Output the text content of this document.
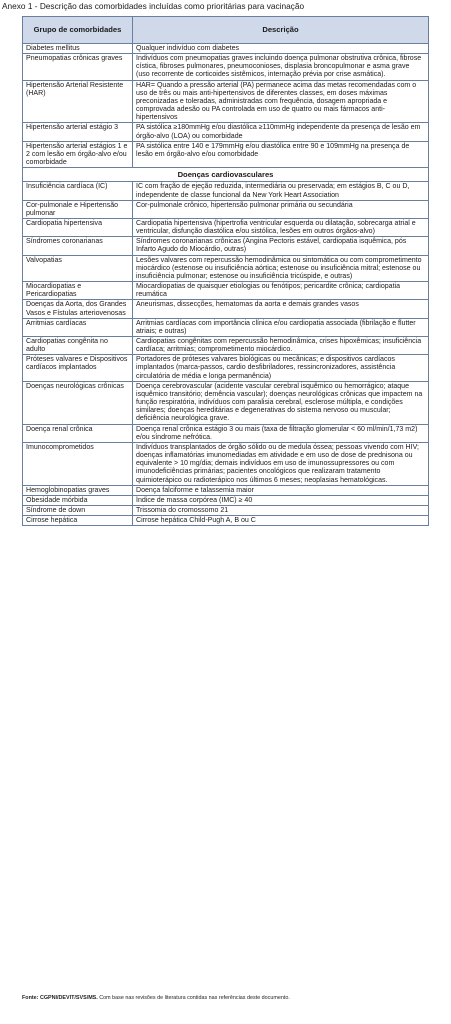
Anexo 1 - Descrição das comorbidades incluídas como prioritárias para vacinação
Grupo de comorbidades	Descrição
Diabetes mellitus	Qualquer indivíduo com diabetes
Pneumopatias crônicas graves	Indivíduos com pneumopatias graves incluindo doença pulmonar obstrutiva crônica, fibrose cística, fibroses pulmonares, pneumoconioses, displasia broncopulmonar e asma grave (uso recorrente de corticoides sistêmicos, internação prévia por crise asmática).
Hipertensão Arterial Resistente (HAR)	HAR= Quando a pressão arterial (PA) permanece acima das metas recomendadas com o uso de três ou mais anti-hipertensivos de diferentes classes, em doses máximas preconizadas e toleradas, administradas com frequência, dosagem apropriada e comprovada adesão ou PA controlada em uso de quatro ou mais fármacos anti-hipertensivos
Hipertensão arterial estágio 3	PA sistólica ≥180mmHg e/ou diastólica ≥110mmHg independente da presença de lesão em órgão-alvo (LOA) ou comorbidade
Hipertensão arterial estágios 1 e 2 com lesão em órgão-alvo e/ou comorbidade	PA sistólica entre 140 e 179mmHg e/ou diastólica entre 90 e 109mmHg na presença de lesão em órgão-alvo e/ou comorbidade
Doenças cardiovasculares	
Insuficiência cardíaca (IC)	IC com fração de ejeção reduzida, intermediária ou preservada; em estágios B, C ou D, independente de classe funcional da New York Heart Association
Cor-pulmonale e Hipertensão pulmonar	Cor-pulmonale crônico, hipertensão pulmonar primária ou secundária
Cardiopatia hipertensiva	Cardiopatia hipertensiva (hipertrofia ventricular esquerda ou dilatação, sobrecarga atrial e ventricular, disfunção diastólica e/ou sistólica, lesões em outros órgãos-alvo)
Síndromes coronarianas	Síndromes coronarianas crônicas (Angina Pectoris estável, cardiopatia isquêmica, pós Infarto Agudo do Miocárdio, outras)
Valvopatias	Lesões valvares com repercussão hemodinâmica ou sintomática ou com comprometimento miocárdico (estenose ou insuficiência aórtica; estenose ou insuficiência mitral; estenose ou insuficiência pulmonar; estenose ou insuficiência tricúspide, e outras)
Miocardiopatias e Pericardiopatias	Miocardiopatias de quaisquer etiologias ou fenótipos; pericardite crônica; cardiopatia reumática
Doenças da Aorta, dos Grandes Vasos e Fístulas arteriovenosas	Aneurismas, dissecções, hematomas da aorta e demais grandes vasos
Arritmias cardíacas	Arritmias cardíacas com importância clínica e/ou cardiopatia associada (fibrilação e flutter atriais; e outras)
Cardiopatias congênita no adulto	Cardiopatias congênitas com repercussão hemodinâmica, crises hipoxêmicas; insuficiência cardíaca; arritmias; comprometimento miocárdico.
Próteses valvares e Dispositivos cardíacos implantados	Portadores de próteses valvares biológicas ou mecânicas; e dispositivos cardíacos implantados (marca-passos, cardio desfibriladores, ressincronizadores, assistência circulatória de média e longa permanência)
Doenças neurológicas crônicas	Doença cerebrovascular (acidente vascular cerebral isquêmico ou hemorrágico; ataque isquêmico transitório; demência vascular); doenças neurológicas crônicas que impactem na função respiratória, indivíduos com paralisia cerebral, esclerose múltipla, e condições similares; doenças hereditárias e degenerativas do sistema nervoso ou muscular; deficiência neurológica grave.
Doença renal crônica	Doença renal crônica estágio 3 ou mais (taxa de filtração glomerular < 60 ml/min/1,73 m2) e/ou síndrome nefrótica.
Imunocomprometidos	Indivíduos transplantados de órgão sólido ou de medula óssea; pessoas vivendo com HIV; doenças inflamatórias imunomediadas em atividade e em uso de dose de prednisona ou equivalente > 10 mg/dia; demais indivíduos em uso de imunossupressores ou com imunodeficiências primárias; pacientes oncológicos que realizaram tratamento quimioterápico ou radioterápico nos últimos 6 meses; neoplasias hematológicas.
Hemoglobinopatias graves	Doença falciforme e talassemia maior
Obesidade mórbida	Índice de massa corpórea (IMC) ≥ 40
Síndrome de down	Trissomia do cromossomo 21
Cirrose hepática	Cirrose hepática Child-Pugh A, B ou C
Fonte: CGPNI/DEVIT/SVS/MS. Com base nas revisões de literatura contidas nas referências deste documento.
